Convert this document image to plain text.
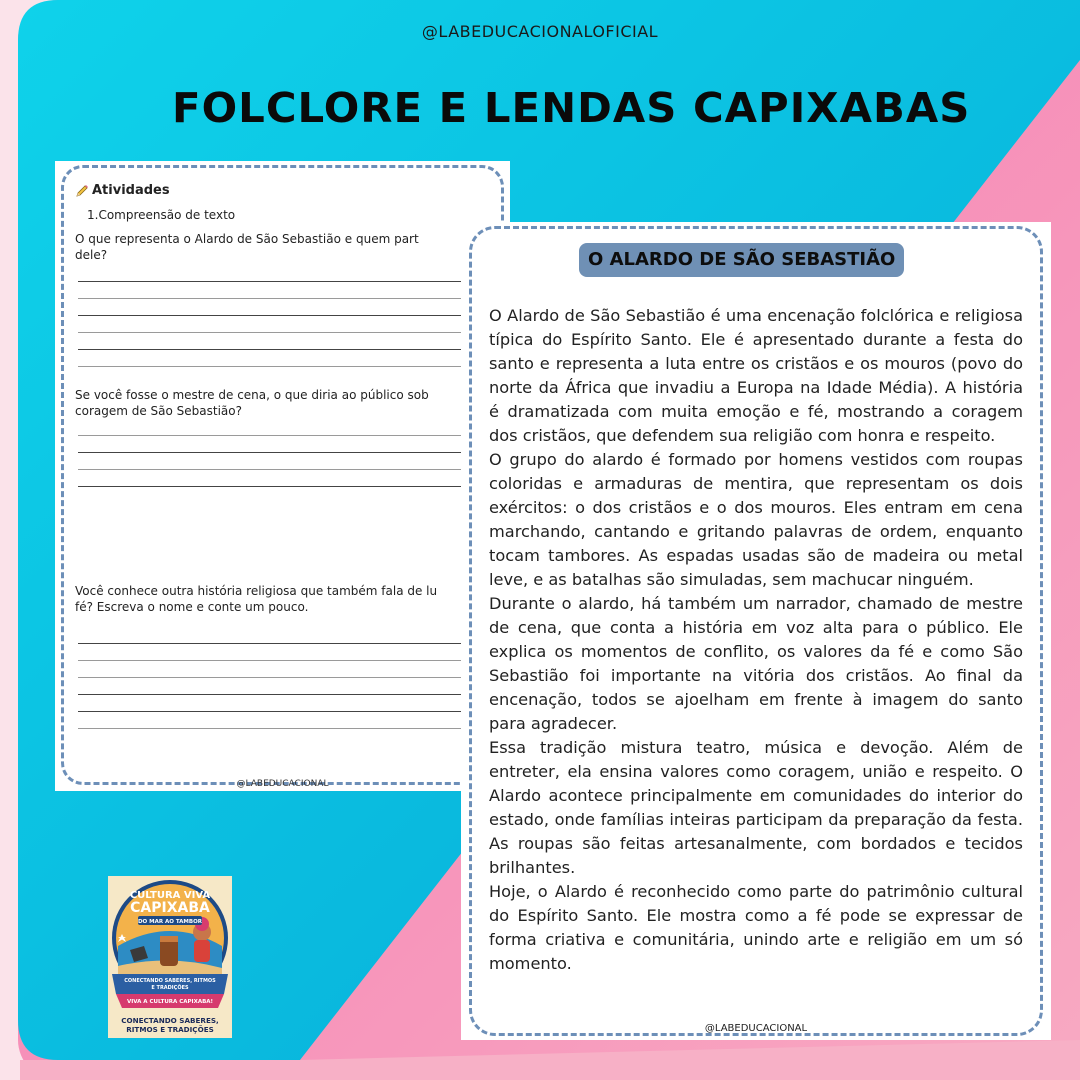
@LABEDUCACIONALOFICIAL
FOLCLORE E LENDAS CAPIXABAS
Atividades
1.Compreensão de texto
O que representa o Alardo de São Sebastião e quem part
dele?
Se você fosse o mestre de cena, o que diria ao público sob
coragem de São Sebastião?
Você conhece outra história religiosa que também fala de lu
fé? Escreva o nome e conte um pouco.
@LABEDUCACIONAL
O ALARDO DE SÃO SEBASTIÃO

O Alardo de São Sebastião é uma encenação folclórica e religiosa típica do Espírito Santo. Ele é apresentado durante a festa do santo e representa a luta entre os cristãos e os mouros (povo do norte da África que invadiu a Europa na Idade Média). A história é dramatizada com muita emoção e fé, mostrando a coragem dos cristãos, que defendem sua religião com honra e respeito.

O grupo do alardo é formado por homens vestidos com roupas coloridas e armaduras de mentira, que representam os dois exércitos: o dos cristãos e o dos mouros. Eles entram em cena marchando, cantando e gritando palavras de ordem, enquanto tocam tambores. As espadas usadas são de madeira ou metal leve, e as batalhas são simuladas, sem machucar ninguém.

Durante o alardo, há também um narrador, chamado de mestre de cena, que conta a história em voz alta para o público. Ele explica os momentos de conflito, os valores da fé e como São Sebastião foi importante na vitória dos cristãos. Ao final da encenação, todos se ajoelham em frente à imagem do santo para agradecer.

Essa tradição mistura teatro, música e devoção. Além de entreter, ela ensina valores como coragem, união e respeito. O Alardo acontece principalmente em comunidades do interior do estado, onde famílias inteiras participam da preparação da festa. As roupas são feitas artesanalmente, com bordados e tecidos brilhantes.

Hoje, o Alardo é reconhecido como parte do patrimônio cultural do Espírito Santo. Ele mostra como a fé pode se expressar de forma criativa e comunitária, unindo arte e religião em um só momento.

@LABEDUCACIONAL
CULTURA VIVA
CAPIXABA
DO MAR AO TAMBOR
CONECTANDO SABERES, RITMOS
E TRADIÇÕES
VIVA A CULTURA CAPIXABA!
CONECTANDO SABERES,
RITMOS E TRADIÇÕES
